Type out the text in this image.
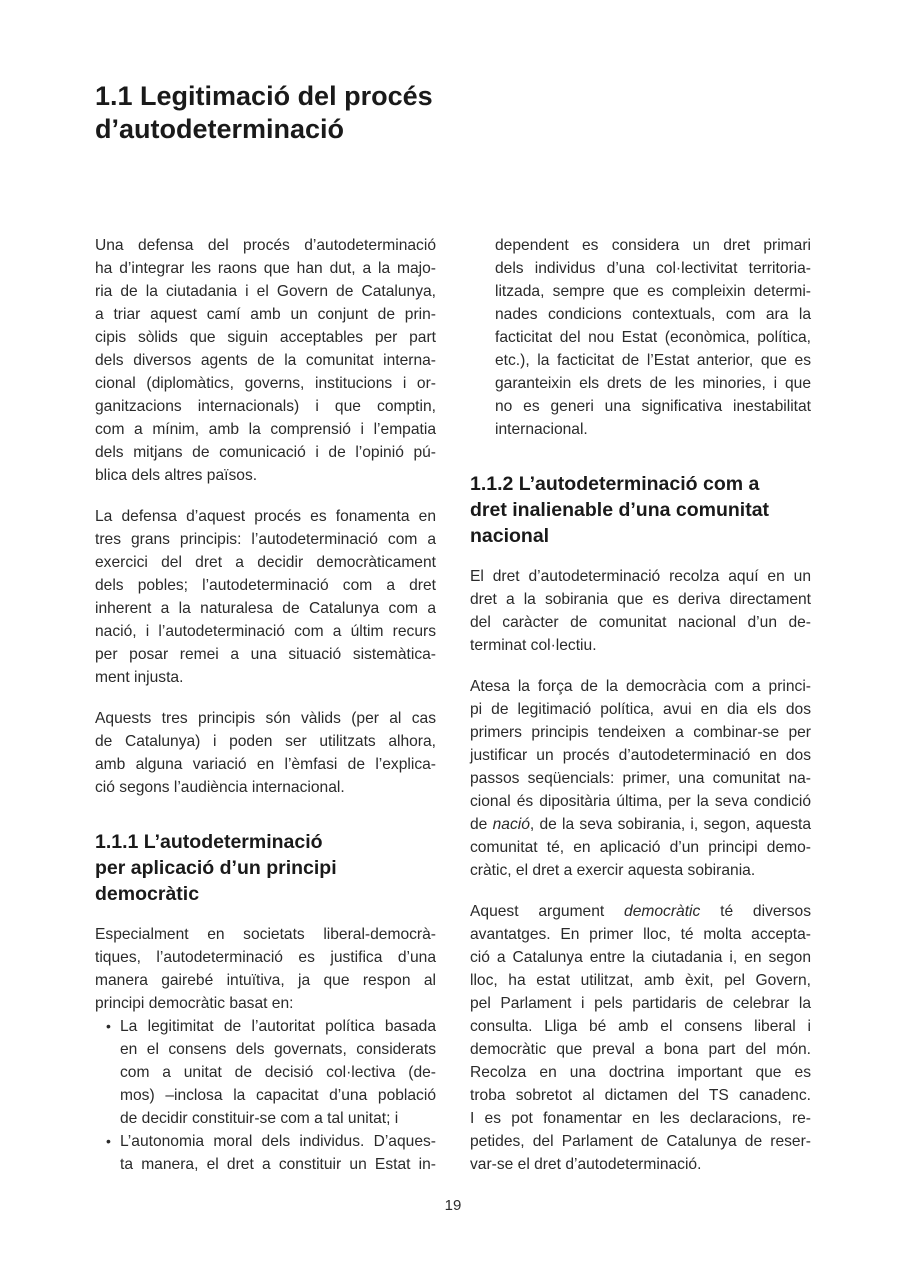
1.1 Legitimació del procés
d’autodeterminació
Una defensa del procés d’autodeterminació
ha d’integrar les raons que han dut, a la majo-
ria de la ciutadania i el Govern de Catalunya,
a triar aquest camí amb un conjunt de prin-
cipis sòlids que siguin acceptables per part
dels diversos agents de la comunitat interna-
cional (diplomàtics, governs, institucions i or-
ganitzacions internacionals) i que comptin,
com a mínim, amb la comprensió i l’empatia
dels mitjans de comunicació i de l’opinió pú-
blica dels altres països.
La defensa d’aquest procés es fonamenta en
tres grans principis: l’autodeterminació com a
exercici del dret a decidir democràticament
dels pobles; l’autodeterminació com a dret
inherent a la naturalesa de Catalunya com a
nació, i l’autodeterminació com a últim recurs
per posar remei a una situació sistemàtica-
ment injusta.
Aquests tres principis són vàlids (per al cas
de Catalunya) i poden ser utilitzats alhora,
amb alguna variació en l’èmfasi de l’explica-
ció segons l’audiència internacional.
1.1.1 L’autodeterminació
per aplicació d’un principi
democràtic
Especialment en societats liberal-democrà-
tiques, l’autodeterminació es justifica d’una
manera gairebé intuïtiva, ja que respon al
principi democràtic basat en:
• La legitimitat de l’autoritat política basada
en el consens dels governats, considerats
com a unitat de decisió col·lectiva (de-
mos) –inclosa la capacitat d’una població
de decidir constituir-se com a tal unitat; i
• L’autonomia moral dels individus. D’aques-
ta manera, el dret a constituir un Estat in-
dependent es considera un dret primari
dels individus d’una col·lectivitat territoria-
litzada, sempre que es compleixin determi-
nades condicions contextuals, com ara la
facticitat del nou Estat (econòmica, política,
etc.), la facticitat de l’Estat anterior, que es
garanteixin els drets de les minories, i que
no es generi una significativa inestabilitat
internacional.
1.1.2 L’autodeterminació com a
dret inalienable d’una comunitat
nacional
El dret d’autodeterminació recolza aquí en un
dret a la sobirania que es deriva directament
del caràcter de comunitat nacional d’un de-
terminat col·lectiu.
Atesa la força de la democràcia com a princi-
pi de legitimació política, avui en dia els dos
primers principis tendeixen a combinar-se per
justificar un procés d’autodeterminació en dos
passos seqüencials: primer, una comunitat na-
cional és dipositària última, per la seva condició
de nació, de la seva sobirania, i, segon, aquesta
comunitat té, en aplicació d’un principi demo-
cràtic, el dret a exercir aquesta sobirania.
Aquest argument democràtic té diversos
avantatges. En primer lloc, té molta accepta-
ció a Catalunya entre la ciutadania i, en segon
lloc, ha estat utilitzat, amb èxit, pel Govern,
pel Parlament i pels partidaris de celebrar la
consulta. Lliga bé amb el consens liberal i
democràtic que preval a bona part del món.
Recolza en una doctrina important que es
troba sobretot al dictamen del TS canadenc.
I es pot fonamentar en les declaracions, re-
petides, del Parlament de Catalunya de reser-
var-se el dret d’autodeterminació.
19
